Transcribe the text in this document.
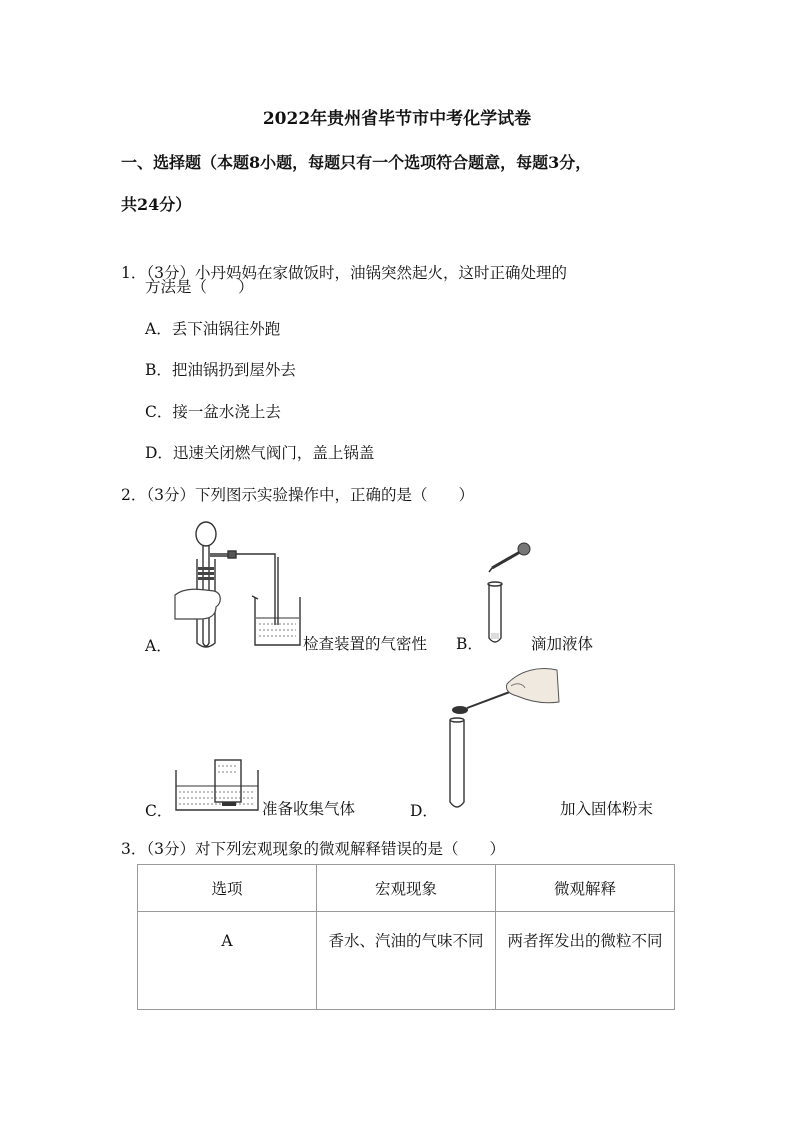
2022年贵州省毕节市中考化学试卷
一、选择题（本题8小题，每题只有一个选项符合题意，每题3分，
共24分）
1．（3分）小丹妈妈在家做饭时，油锅突然起火，这时正确处理的
方法是（　　）
A．丢下油锅往外跑
B．把油锅扔到屋外去
C．接一盆水浇上去
D．迅速关闭燃气阀门，盖上锅盖
2．（3分）下列图示实验操作中，正确的是（　　）
A．	检查装置的气密性 B．	滴加液体
C．	准备收集气体	D．	加入固体粉末
3．（3分）对下列宏观现象的微观解释错误的是（　　）
选项	宏观现象	微观解释
A	香水、汽油的气味不同	两者挥发出的微粒不同
